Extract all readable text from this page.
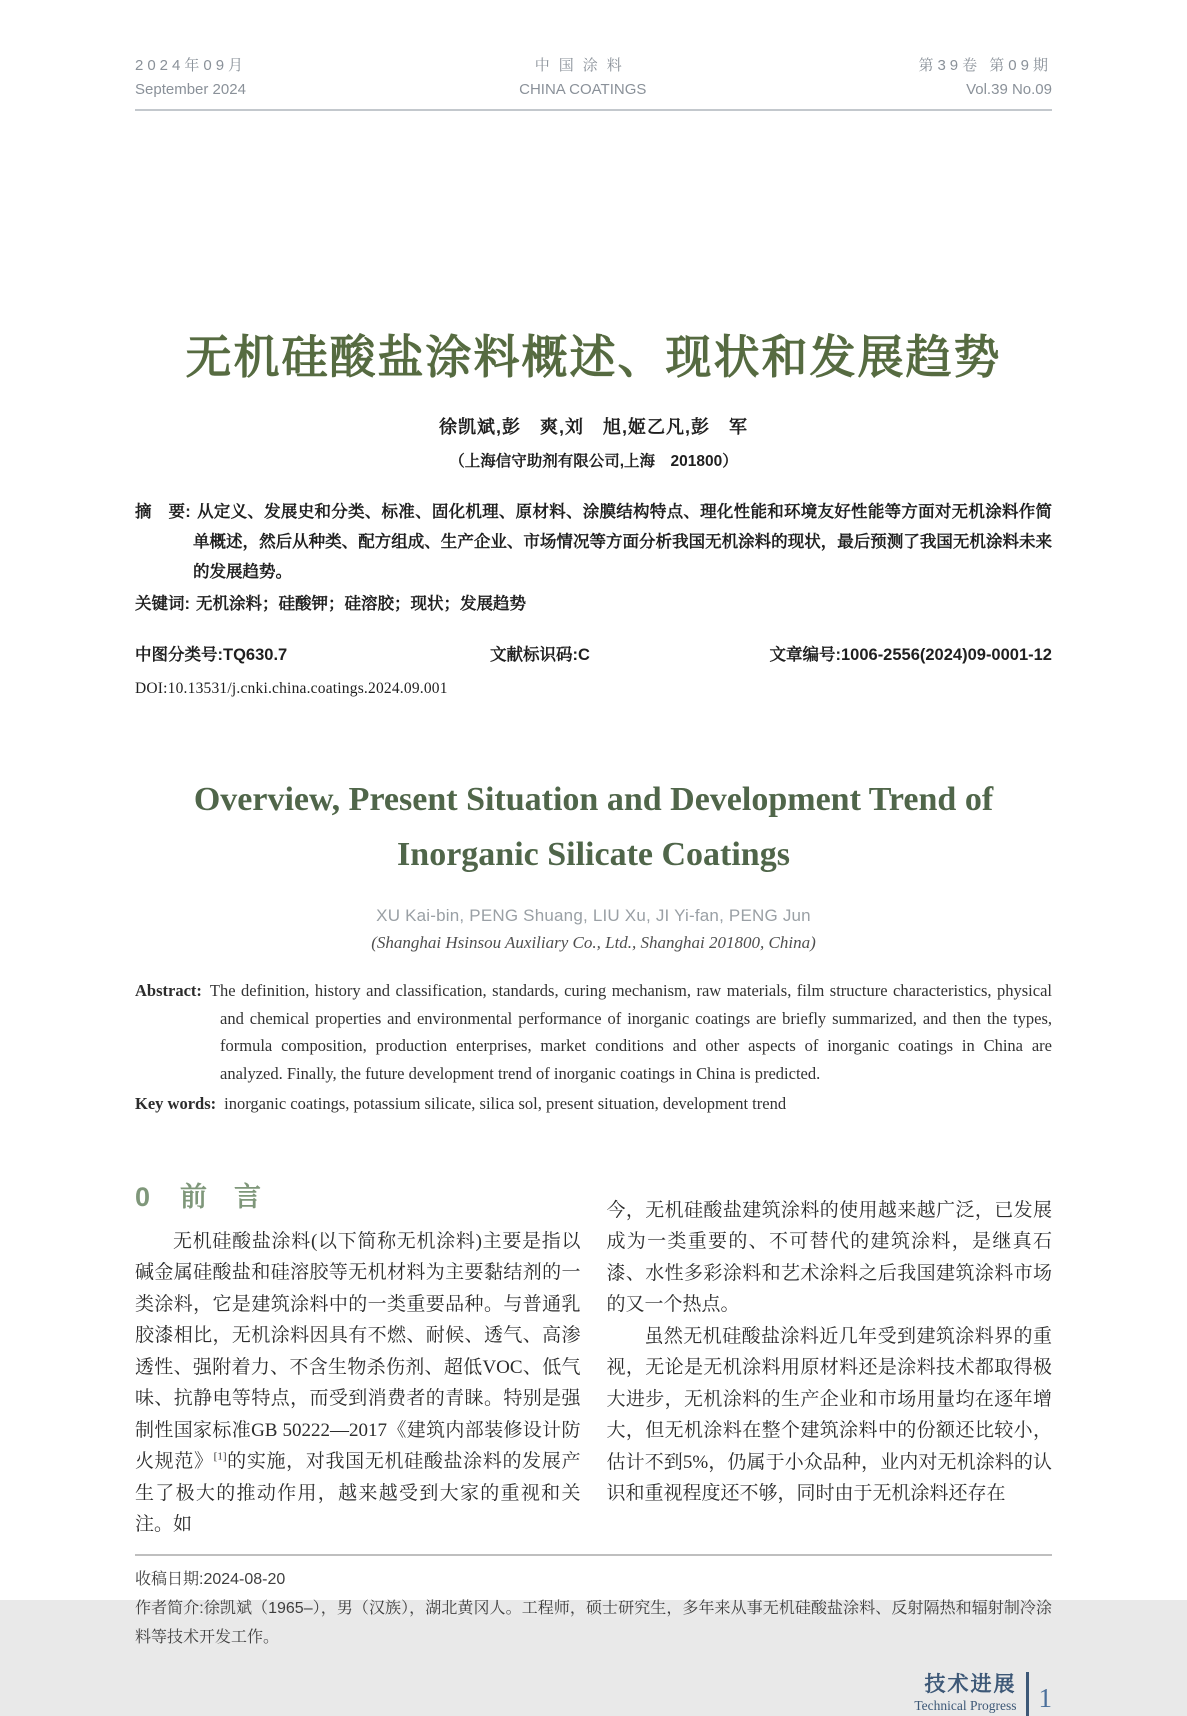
2024年09月
September 2024
中国涂料
CHINA COATINGS
第39卷 第09期
Vol.39 No.09
无机硅酸盐涂料概述、现状和发展趋势
徐凯斌,彭　爽,刘　旭,姬乙凡,彭　军
（上海信守助剂有限公司,上海　201800）

摘　要: 从定义、发展史和分类、标准、固化机理、原材料、涂膜结构特点、理化性能和环境友好性能等方面对无机涂料作简单概述，然后从种类、配方组成、生产企业、市场情况等方面分析我国无机涂料的现状，最后预测了我国无机涂料未来的发展趋势。

关键词: 无机涂料；硅酸钾；硅溶胶；现状；发展趋势

中图分类号:TQ630.7	文献标识码:C	文章编号:1006-2556(2024)09-0001-12
DOI:10.13531/j.cnki.china.coatings.2024.09.001
Overview, Present Situation and Development Trend of
Inorganic Silicate Coatings
XU Kai-bin, PENG Shuang, LIU Xu, JI Yi-fan, PENG Jun
(Shanghai Hsinsou Auxiliary Co., Ltd., Shanghai 201800, China)

Abstract: The definition, history and classification, standards, curing mechanism, raw materials, film structure characteristics, physical and chemical properties and environmental performance of inorganic coatings are briefly summarized, and then the types, formula composition, production enterprises, market conditions and other aspects of inorganic coatings in China are analyzed. Finally, the future development trend of inorganic coatings in China is predicted.

Key words: inorganic coatings, potassium silicate, silica sol, present situation, development trend

0 前　言

无机硅酸盐涂料(以下简称无机涂料)主要是指以碱金属硅酸盐和硅溶胶等无机材料为主要黏结剂的一类涂料，它是建筑涂料中的一类重要品种。与普通乳胶漆相比，无机涂料因具有不燃、耐候、透气、高渗透性、强附着力、不含生物杀伤剂、超低VOC、低气味、抗静电等特点，而受到消费者的青睐。特别是强制性国家标准GB 50222—2017《建筑内部装修设计防火规范》[1]的实施，对我国无机硅酸盐涂料的发展产生了极大的推动作用，越来越受到大家的重视和关注。如

今，无机硅酸盐建筑涂料的使用越来越广泛，已发展成为一类重要的、不可替代的建筑涂料，是继真石漆、水性多彩涂料和艺术涂料之后我国建筑涂料市场的又一个热点。

虽然无机硅酸盐涂料近几年受到建筑涂料界的重视，无论是无机涂料用原材料还是涂料技术都取得极大进步，无机涂料的生产企业和市场用量均在逐年增大，但无机涂料在整个建筑涂料中的份额还比较小，估计不到5%，仍属于小众品种，业内对无机涂料的认识和重视程度还不够，同时由于无机涂料还存在

收稿日期:2024-08-20

作者简介:徐凯斌（1965–），男（汉族），湖北黄冈人。工程师，硕士研究生，多年来从事无机硅酸盐涂料、反射隔热和辐射制冷涂料等技术开发工作。

技术进展
Technical Progress 1
